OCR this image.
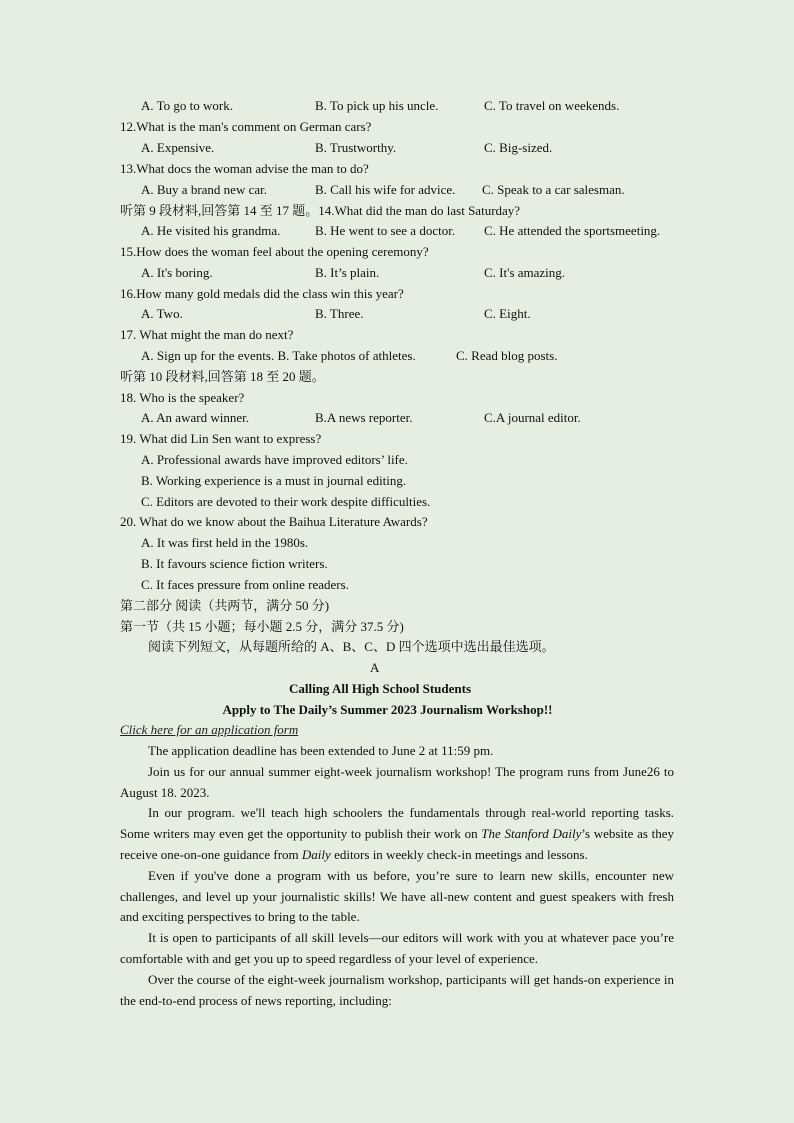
A. To go to work.	B. To pick up his uncle.	C. To travel on weekends.
12.What is the man's comment on German cars?
A. Expensive.	B. Trustworthy.	C. Big-sized.
13.What docs the woman advise the man to do?
A. Buy a brand new car.	B. Call his wife for advice. C. Speak to a car salesman.
听第 9 段材料,回答第 14 至 17 题。14.What did the man do last Saturday?
A. He visited his grandma.	B. He went to see a doctor. C. He attended the sportsmeeting.
15.How does the woman feel about the opening ceremony?
A. It's boring.	B. It’s plain.	C. It's amazing.
16.How many gold medals did the class win this year?
A. Two.	B. Three.	C. Eight.
17. What might the man do next?
A. Sign up for the events. B. Take photos of athletes.	C. Read blog posts.
听第 10 段材料,回答第 18 至 20 题。
18. Who is the speaker?
A. An award winner.	B.A news reporter.	C.A journal editor.
19. What did Lin Sen want to express?
A. Professional awards have improved editors’ life.
B. Working experience is a must in journal editing.
C. Editors are devoted to their work despite difficulties.
20. What do we know about the Baihua Literature Awards?
A. It was first held in the 1980s.
B. It favours science fiction writers.
C. It faces pressure from online readers.
第二部分 阅读（共两节，满分 50 分)
第一节（共 15 小题；每小题 2.5 分，满分 37.5 分)
阅读下列短文，从每题所给的 A、B、C、D 四个选项中选出最佳选项。
A
Calling All High School Students
Apply to The Daily’s Summer 2023 Journalism Workshop!!
Click here for an application form

The application deadline has been extended to June 2 at 11:59 pm.

Join us for our annual summer eight-week journalism workshop! The program runs from June26 to August 18. 2023.

In our program. we'll teach high schoolers the fundamentals through real-world reporting tasks. Some writers may even get the opportunity to publish their work on The Stanford Daily’s website as they receive one-on-one guidance from Daily editors in weekly check-in meetings and lessons.

Even if you've done a program with us before, you’re sure to learn new skills, encounter new challenges, and level up your journalistic skills! We have all-new content and guest speakers with fresh and exciting perspectives to bring to the table.

It is open to participants of all skill levels—our editors will work with you at whatever pace you’re comfortable with and get you up to speed regardless of your level of experience.

Over the course of the eight-week journalism workshop, participants will get hands-on experience in the end-to-end process of news reporting, including:
